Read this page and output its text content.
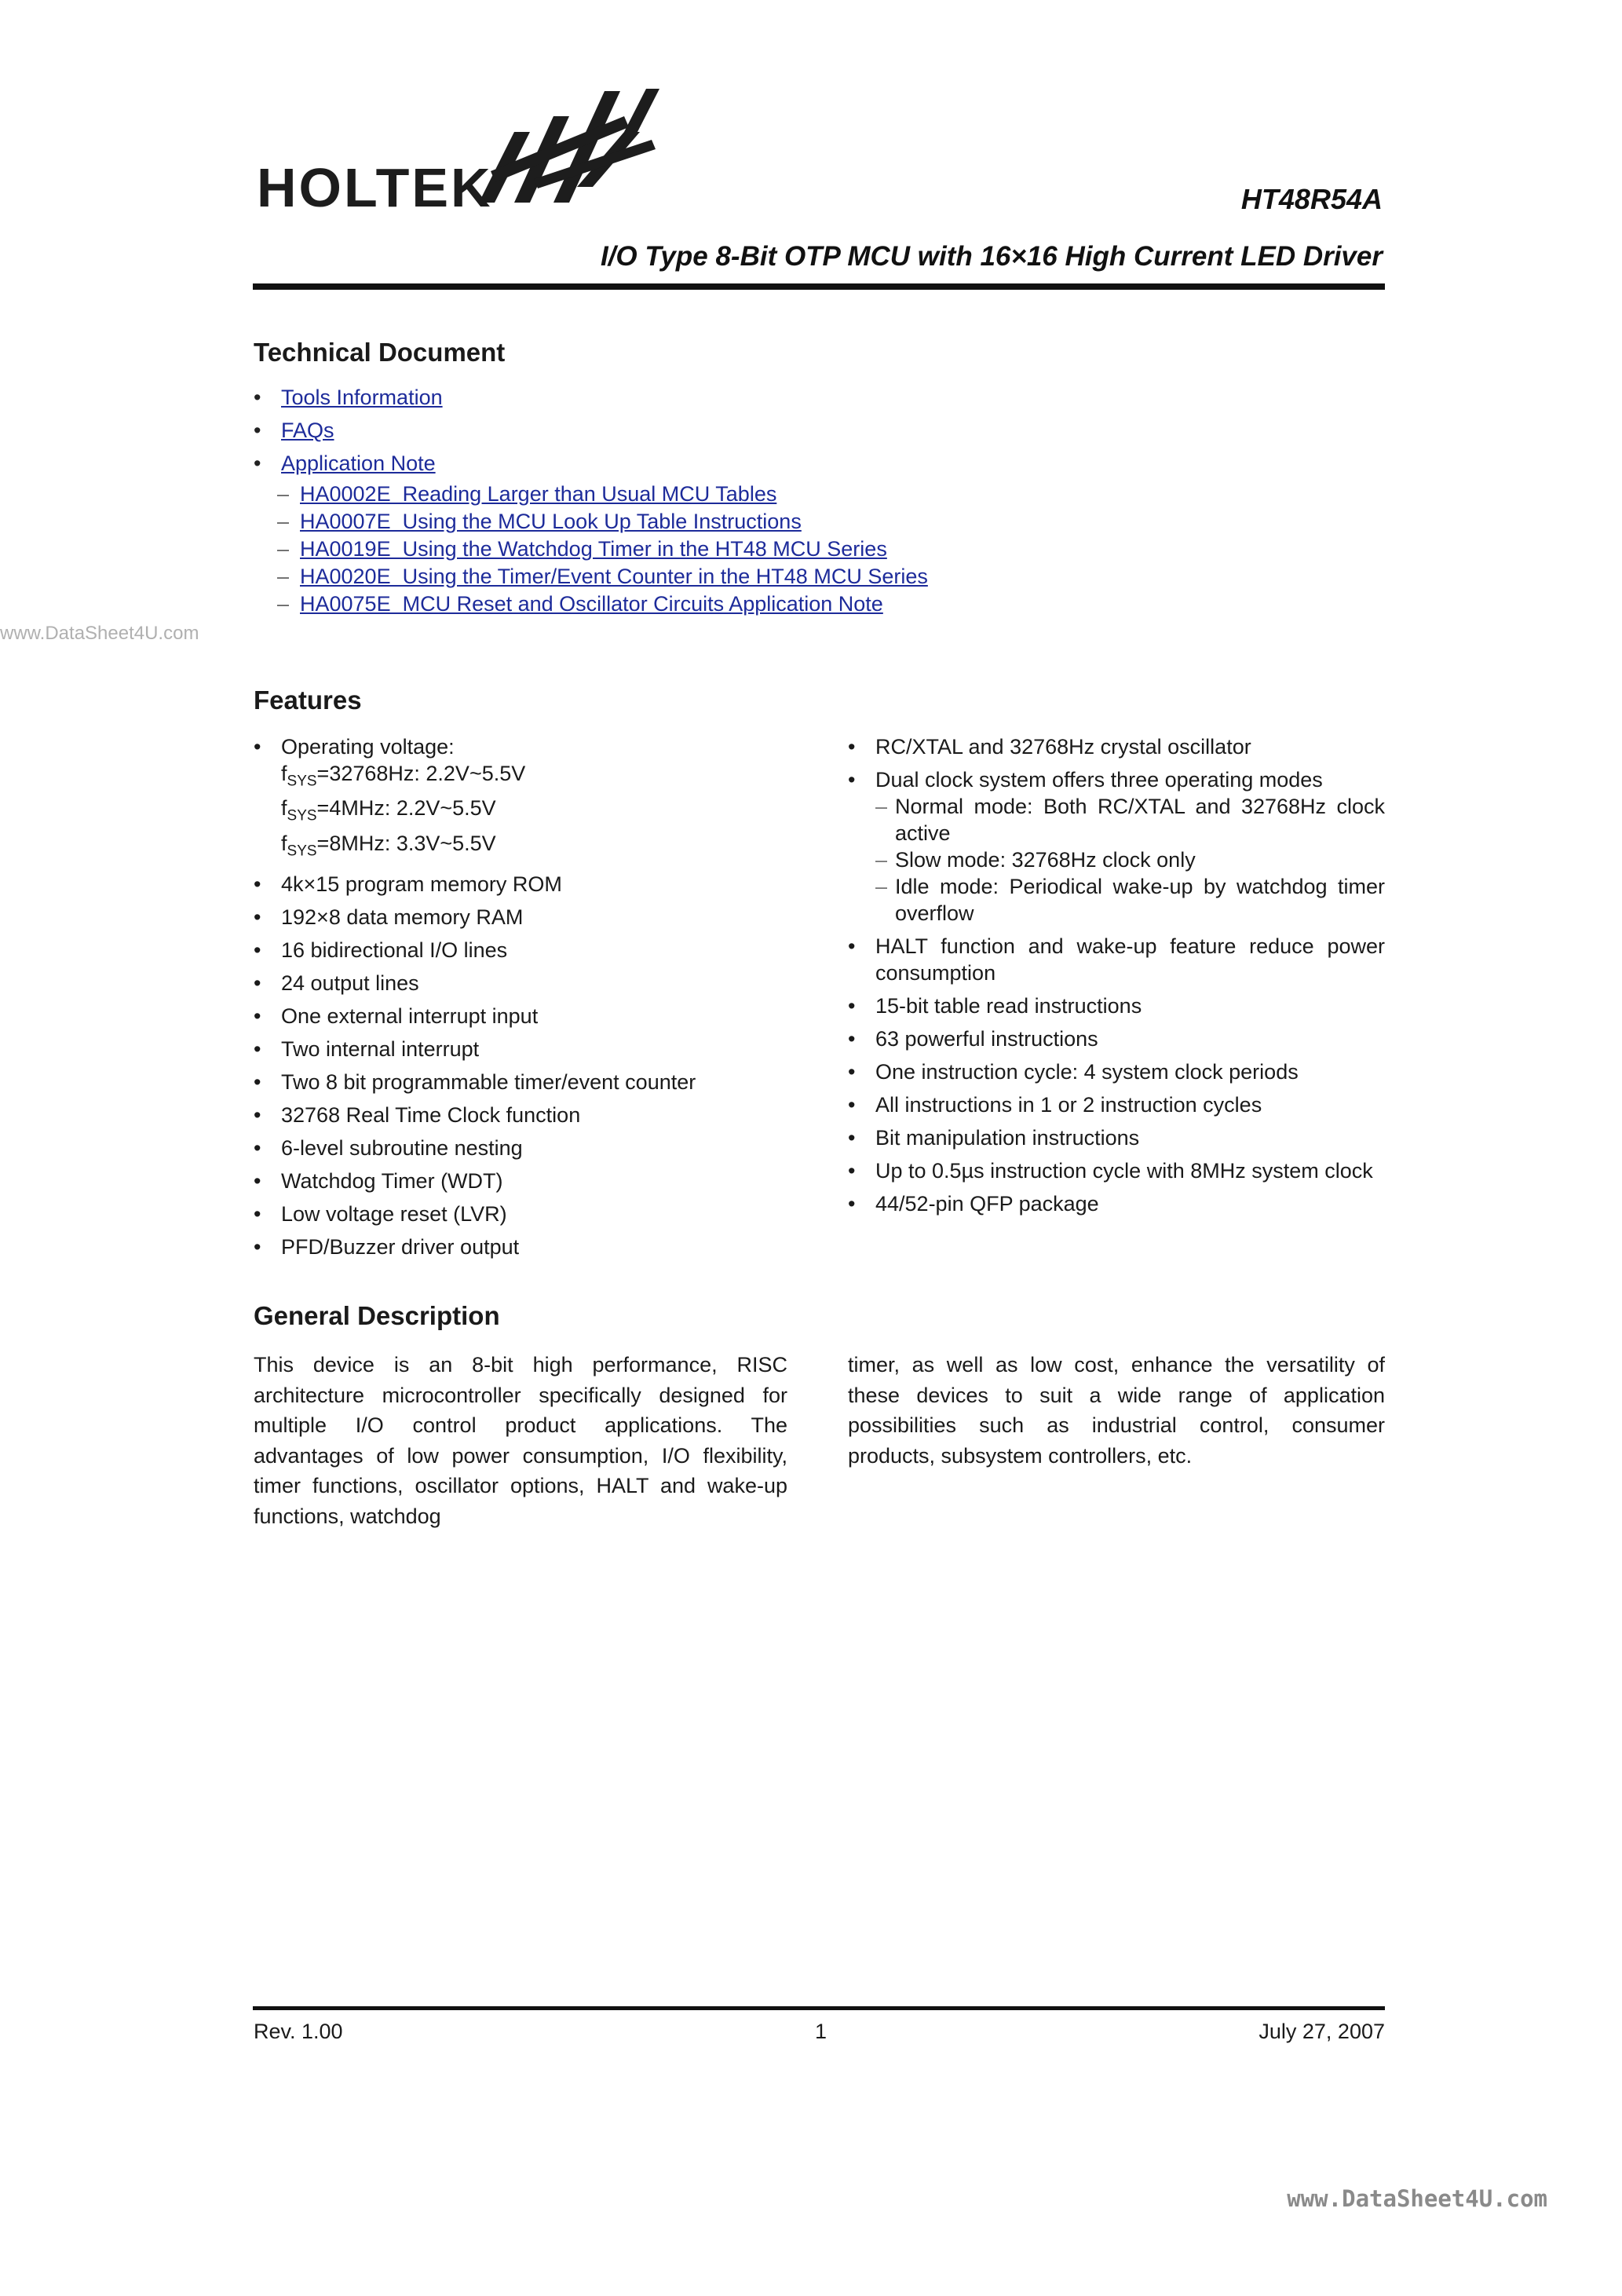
HOLTEK	HT48R54A
I/O Type 8-Bit OTP MCU with 16×16 High Current LED Driver
Technical Document
• Tools Information
• FAQs
• Application Note
– HA0002E  Reading Larger than Usual MCU Tables
– HA0007E  Using the MCU Look Up Table Instructions
– HA0019E  Using the Watchdog Timer in the HT48 MCU Series
– HA0020E  Using the Timer/Event Counter in the HT48 MCU Series
– HA0075E  MCU Reset and Oscillator Circuits Application Note
www.DataSheet4U.com
Features
• Operating voltage:
$f_{SYS}=32768Hz$: 2.2V~5.5V
$f_{SYS}=4MHz$: 2.2V~5.5V
$f_{SYS}=8MHz$: 3.3V~5.5V
• 4k×15 program memory ROM
• 192×8 data memory RAM
• 16 bidirectional I/O lines
• 24 output lines
• One external interrupt input
• Two internal interrupt
• Two 8 bit programmable timer/event counter
• 32768 Real Time Clock function
• 6-level subroutine nesting
• Watchdog Timer (WDT)
• Low voltage reset (LVR)
• PFD/Buzzer driver output
• RC/XTAL and 32768Hz crystal oscillator
• Dual clock system offers three operating modes
– Normal mode: Both RC/XTAL and 32768Hz clock active
– Slow mode: 32768Hz clock only
– Idle mode: Periodical wake-up by watchdog timer overflow
• HALT function and wake-up feature reduce power consumption
• 15-bit table read instructions
• 63 powerful instructions
• One instruction cycle: 4 system clock periods
• All instructions in 1 or 2 instruction cycles
• Bit manipulation instructions
• Up to 0.5µs instruction cycle with 8MHz system clock
• 44/52-pin QFP package
General Description

This device is an 8-bit high performance, RISC architecture microcontroller specifically designed for multiple I/O control product applications. The advantages of low power consumption, I/O flexibility, timer functions, oscillator options, HALT and wake-up functions, watchdog

timer, as well as low cost, enhance the versatility of these devices to suit a wide range of application possibilities such as industrial control, consumer products, subsystem controllers, etc.

Rev. 1.00	1	July 27, 2007
www.DataSheet4U.com
